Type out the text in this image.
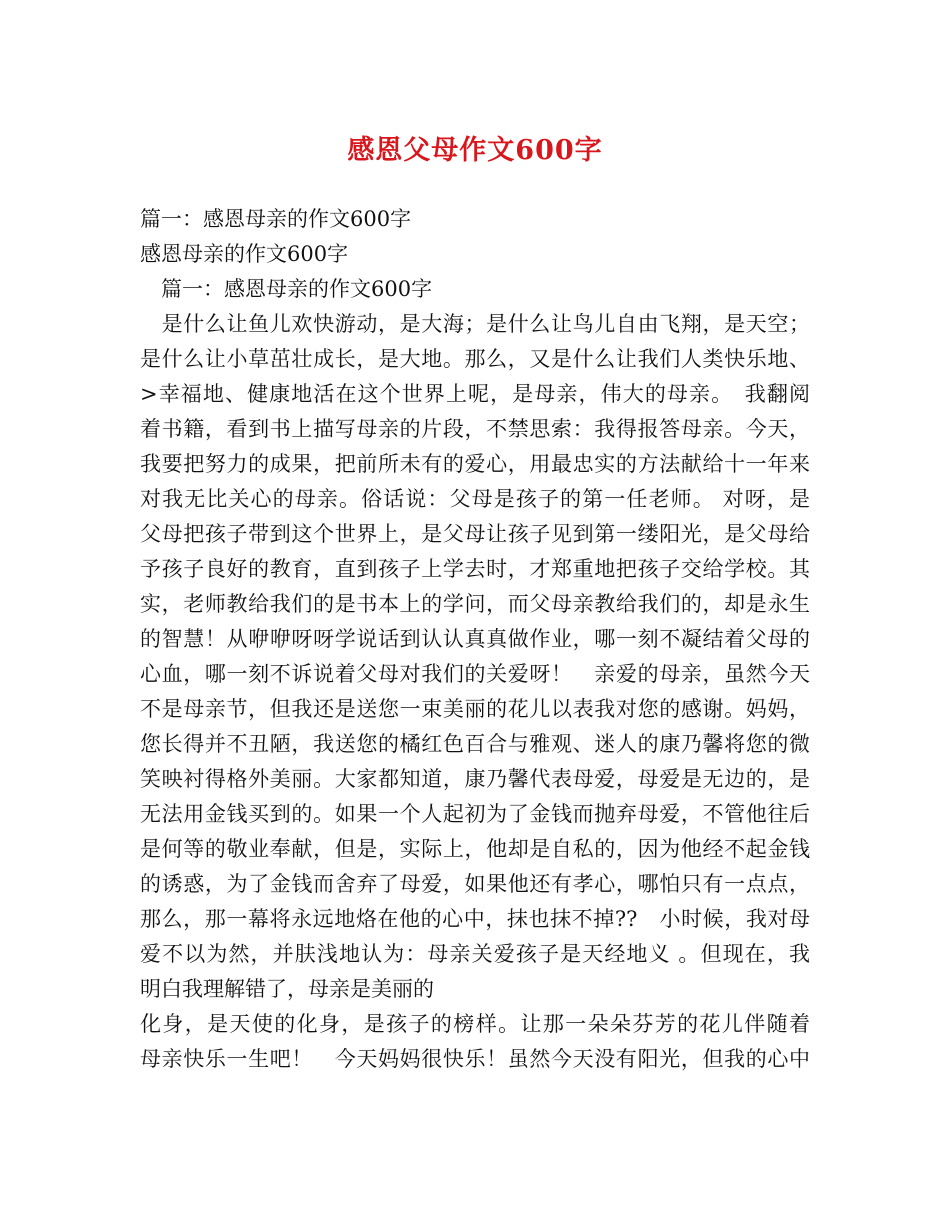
感恩父母作文600字
篇一：感恩母亲的作文600字
感恩母亲的作文600字
　篇一：感恩母亲的作文600字
　是什么让鱼儿欢快游动，是大海；是什么让鸟儿自由飞翔，是天空；
是什么让小草茁壮成长，是大地。那么，又是什么让我们人类快乐地、
>幸福地、健康地活在这个世界上呢，是母亲，伟大的母亲。　我翻阅
着书籍，看到书上描写母亲的片段，不禁思索：我得报答母亲。今天，
我要把努力的成果，把前所未有的爱心，用最忠实的方法献给十一年来
对我无比关心的母亲。俗话说：父母是孩子的第一任老师。 对呀，是
父母把孩子带到这个世界上，是父母让孩子见到第一缕阳光，是父母给
予孩子良好的教育，直到孩子上学去时，才郑重地把孩子交给学校。其
实，老师教给我们的是书本上的学问，而父母亲教给我们的，却是永生
的智慧！从咿咿呀呀学说话到认认真真做作业，哪一刻不凝结着父母的
心血，哪一刻不诉说着父母对我们的关爱呀！　亲爱的母亲，虽然今天
不是母亲节，但我还是送您一束美丽的花儿以表我对您的感谢。妈妈，
您长得并不丑陋，我送您的橘红色百合与雅观、迷人的康乃馨将您的微
笑映衬得格外美丽。大家都知道，康乃馨代表母爱，母爱是无边的，是
无法用金钱买到的。如果一个人起初为了金钱而抛弃母爱，不管他往后
是何等的敬业奉献，但是，实际上，他却是自私的，因为他经不起金钱
的诱惑，为了金钱而舍弃了母爱，如果他还有孝心，哪怕只有一点点，
那么，那一幕将永远地烙在他的心中，抹也抹不掉??　小时候，我对母
爱不以为然，并肤浅地认为：母亲关爱孩子是天经地义 。但现在，我
明白我理解错了，母亲是美丽的
化身，是天使的化身，是孩子的榜样。让那一朵朵芬芳的花儿伴随着
母亲快乐一生吧！　今天妈妈很快乐！虽然今天没有阳光，但我的心中
